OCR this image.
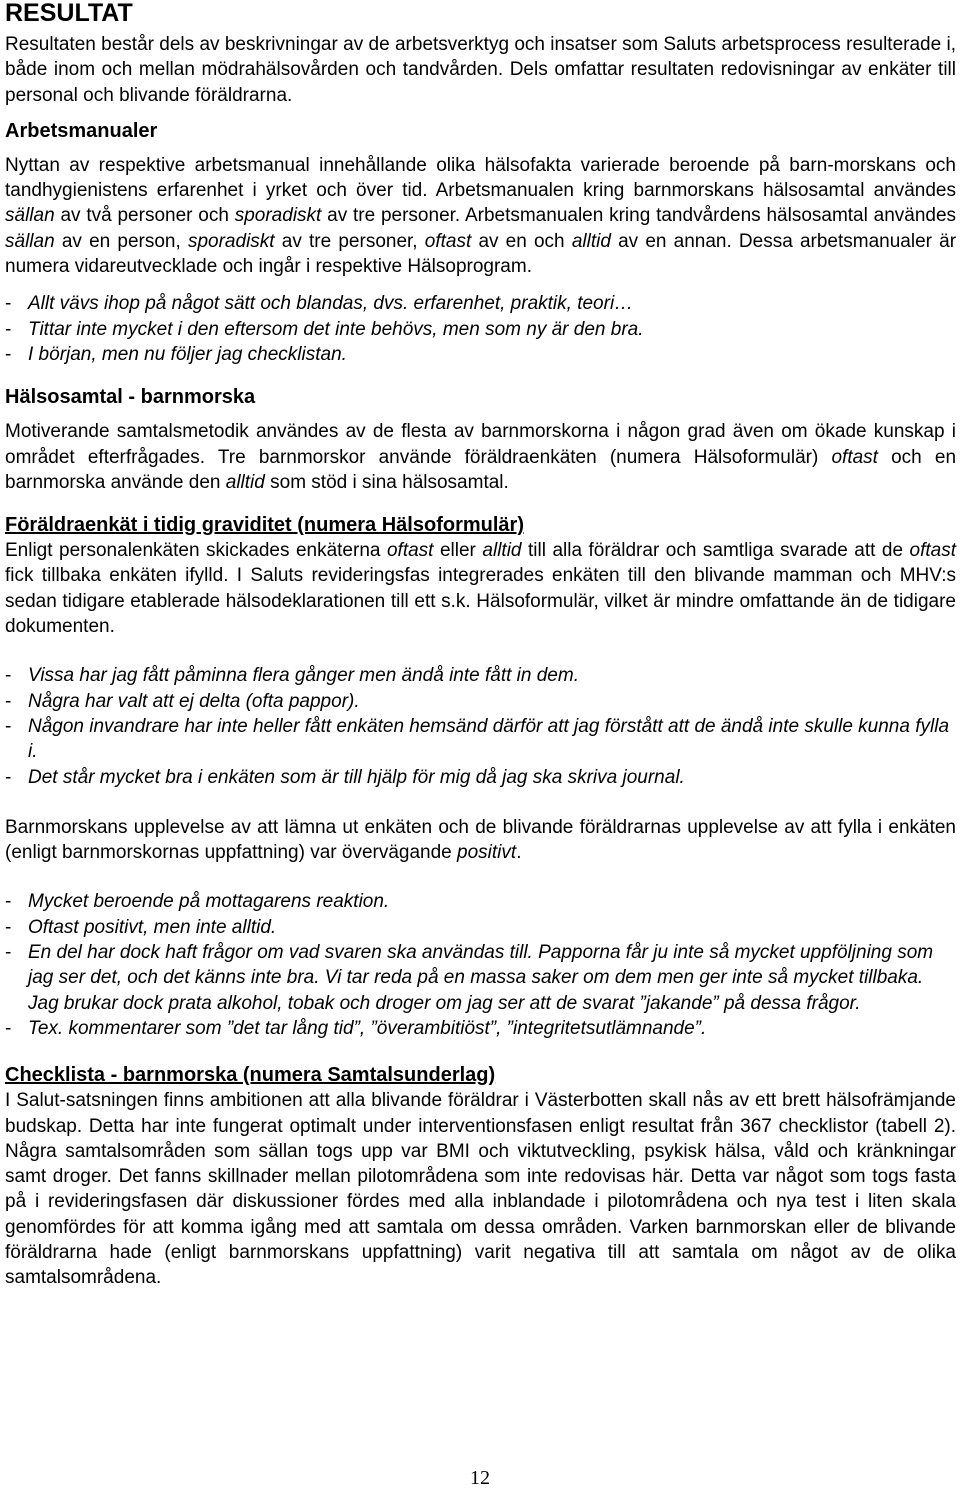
RESULTAT

Resultaten består dels av beskrivningar av de arbetsverktyg och insatser som Saluts arbetsprocess resulterade i, både inom och mellan mödrahälsovården och tandvården. Dels omfattar resultaten redovisningar av enkäter till personal och blivande föräldrarna.

Arbetsmanualer

Nyttan av respektive arbetsmanual innehållande olika hälsofakta varierade beroende på barn-morskans och tandhygienistens erfarenhet i yrket och över tid. Arbetsmanualen kring barnmorskans hälsosamtal användes sällan av två personer och sporadiskt av tre personer. Arbetsmanualen kring tandvårdens hälsosamtal användes sällan av en person, sporadiskt av tre personer, oftast av en och alltid av en annan. Dessa arbetsmanualer är numera vidareutvecklade och ingår i respektive Hälsoprogram.

- Allt vävs ihop på något sätt och blandas, dvs. erfarenhet, praktik, teori…
- Tittar inte mycket i den eftersom det inte behövs, men som ny är den bra.
- I början, men nu följer jag checklistan.
Hälsosamtal - barnmorska

Motiverande samtalsmetodik användes av de flesta av barnmorskorna i någon grad även om ökade kunskap i området efterfrågades. Tre barnmorskor använde föräldraenkäten (numera Hälsoformulär) oftast och en barnmorska använde den alltid som stöd i sina hälsosamtal.

Föräldraenkät i tidig graviditet (numera Hälsoformulär)

Enligt personalenkäten skickades enkäterna oftast eller alltid till alla föräldrar och samtliga svarade att de oftast fick tillbaka enkäten ifylld. I Saluts revideringsfas integrerades enkäten till den blivande mamman och MHV:s sedan tidigare etablerade hälsodeklarationen till ett s.k. Hälsoformulär, vilket är mindre omfattande än de tidigare dokumenten.

- Vissa har jag fått påminna flera gånger men ändå inte fått in dem.
- Några har valt att ej delta (ofta pappor).
- Någon invandrare har inte heller fått enkäten hemsänd därför att jag förstått att de ändå inte skulle kunna fylla i.
- Det står mycket bra i enkäten som är till hjälp för mig då jag ska skriva journal.

Barnmorskans upplevelse av att lämna ut enkäten och de blivande föräldrarnas upplevelse av att fylla i enkäten (enligt barnmorskornas uppfattning) var övervägande positivt.

- Mycket beroende på mottagarens reaktion.
- Oftast positivt, men inte alltid.
- En del har dock haft frågor om vad svaren ska användas till. Papporna får ju inte så mycket uppföljning som jag ser det, och det känns inte bra. Vi tar reda på en massa saker om dem men ger inte så mycket tillbaka. Jag brukar dock prata alkohol, tobak och droger om jag ser att de svarat ”jakande” på dessa frågor.
- Tex. kommentarer som ”det tar lång tid”, ”överambitiöst”, ”integritetsutlämnande”.
Checklista - barnmorska (numera Samtalsunderlag)

I Salut-satsningen finns ambitionen att alla blivande föräldrar i Västerbotten skall nås av ett brett hälsofrämjande budskap. Detta har inte fungerat optimalt under interventionsfasen enligt resultat från 367 checklistor (tabell 2). Några samtalsområden som sällan togs upp var BMI och viktutveckling, psykisk hälsa, våld och kränkningar samt droger. Det fanns skillnader mellan pilotområdena som inte redovisas här. Detta var något som togs fasta på i revideringsfasen där diskussioner fördes med alla inblandade i pilotområdena och nya test i liten skala genomfördes för att komma igång med att samtala om dessa områden. Varken barnmorskan eller de blivande föräldrarna hade (enligt barnmorskans uppfattning) varit negativa till att samtala om något av de olika samtalsområdena.

12
